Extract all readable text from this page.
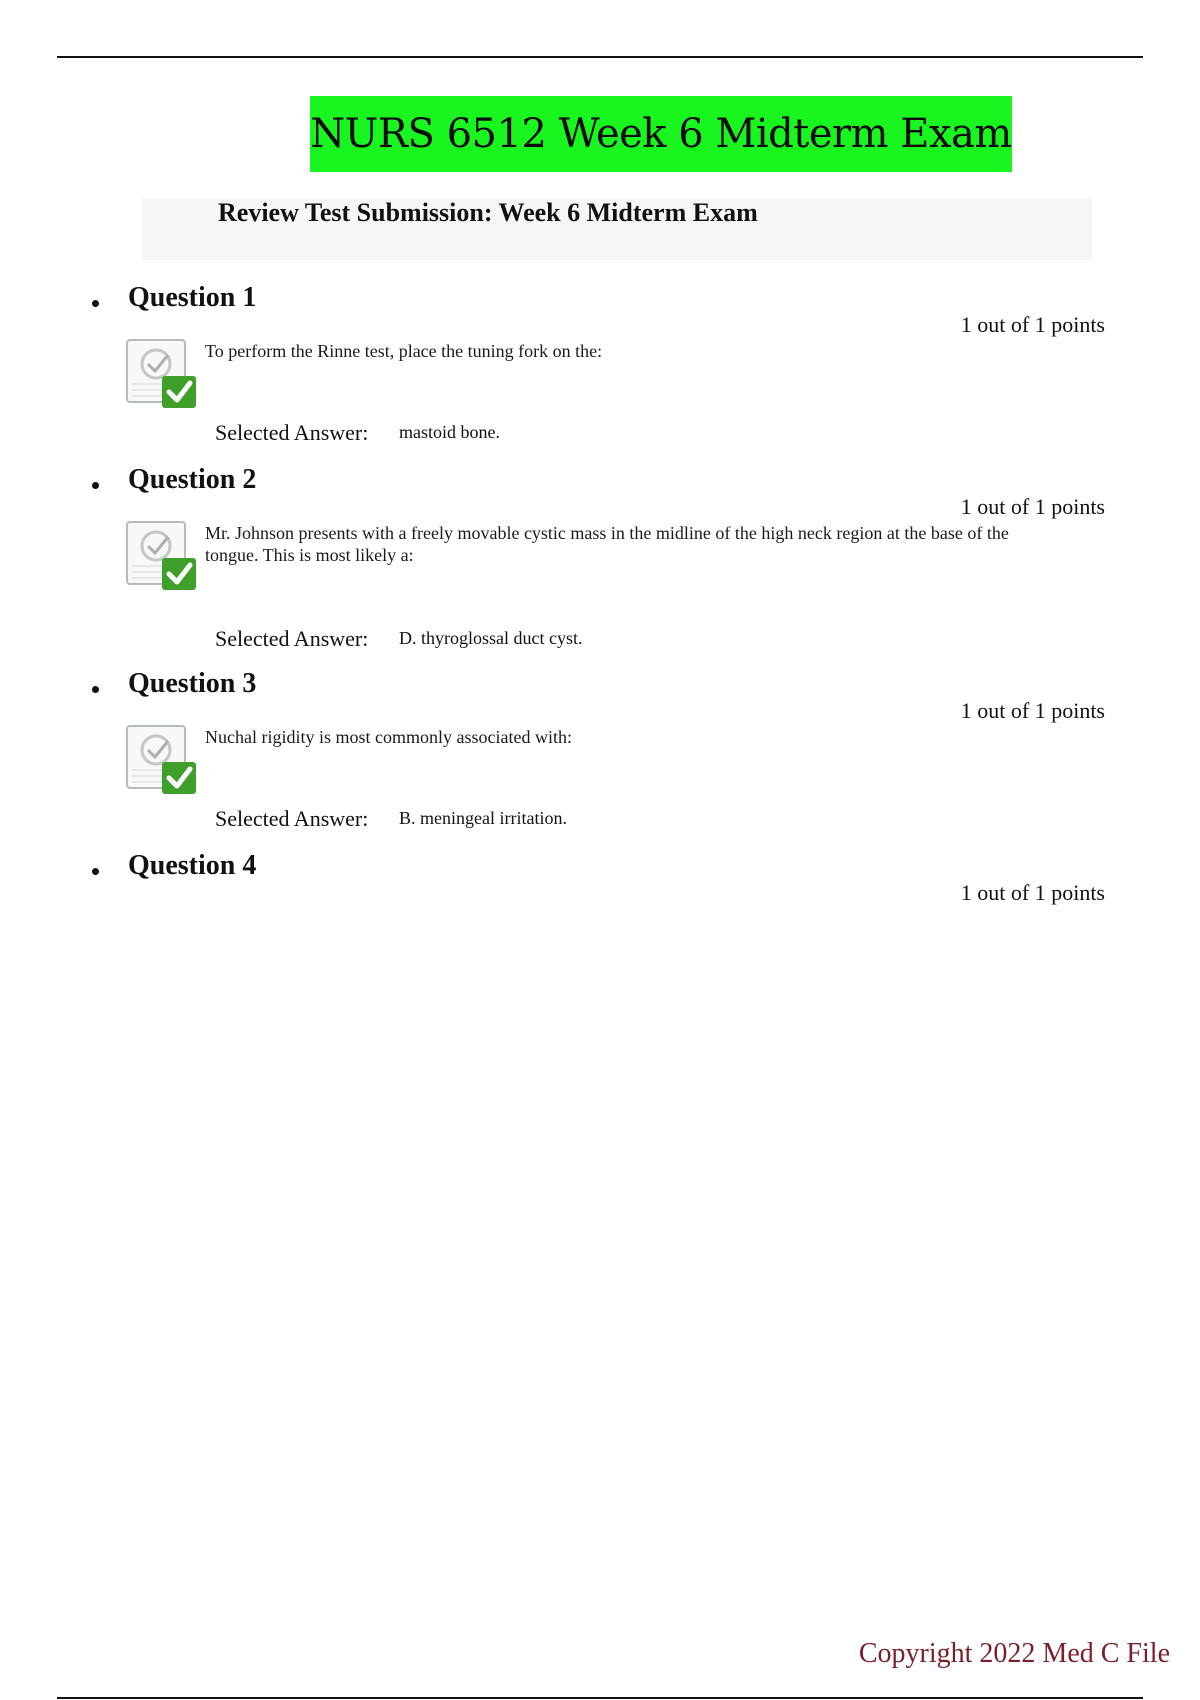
NURS 6512 Week 6 Midterm Exam
Review Test Submission: Week 6 Midterm Exam
Question 1
1 out of 1 points
To perform the Rinne test, place the tuning fork on the:
Selected Answer: mastoid bone.
Question 2
1 out of 1 points
Mr. Johnson presents with a freely movable cystic mass in the midline of the high neck region at the base of the tongue. This is most likely a:
Selected Answer: D. thyroglossal duct cyst.
Question 3
1 out of 1 points
Nuchal rigidity is most commonly associated with:
Selected Answer: B. meningeal irritation.
Question 4
1 out of 1 points
Copyright 2022 Med C File
